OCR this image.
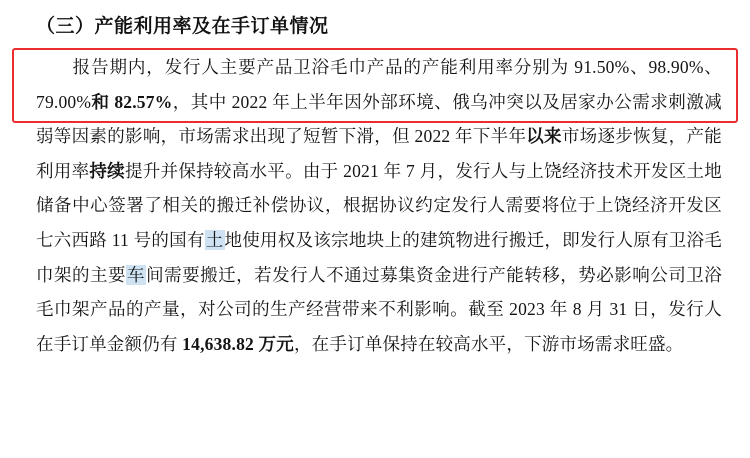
（三）产能利用率及在手订单情况
报告期内，发行人主要产品卫浴毛巾产品的产能利用率分别为 91.50%、98.90%、79.00%和 82.57%，其中 2022 年上半年因外部环境、俄乌冲突以及居家办公需求刺激减弱等因素的影响，市场需求出现了短暂下滑，但 2022 年下半年以来市场逐步恢复，产能利用率持续提升并保持较高水平。由于 2021 年 7 月，发行人与上饶经济技术开发区土地储备中心签署了相关的搬迁补偿协议，根据协议约定发行人需要将位于上饶经济开发区七六西路 11 号的国有土地使用权及该宗地块上的建筑物进行搬迁，即发行人原有卫浴毛巾架的主要车间需要搬迁，若发行人不通过募集资金进行产能转移，势必影响公司卫浴毛巾架产品的产量，对公司的生产经营带来不利影响。截至 2023 年 8 月 31 日，发行人在手订单金额仍有 14,638.82 万元，在手订单保持在较高水平，下游市场需求旺盛。
